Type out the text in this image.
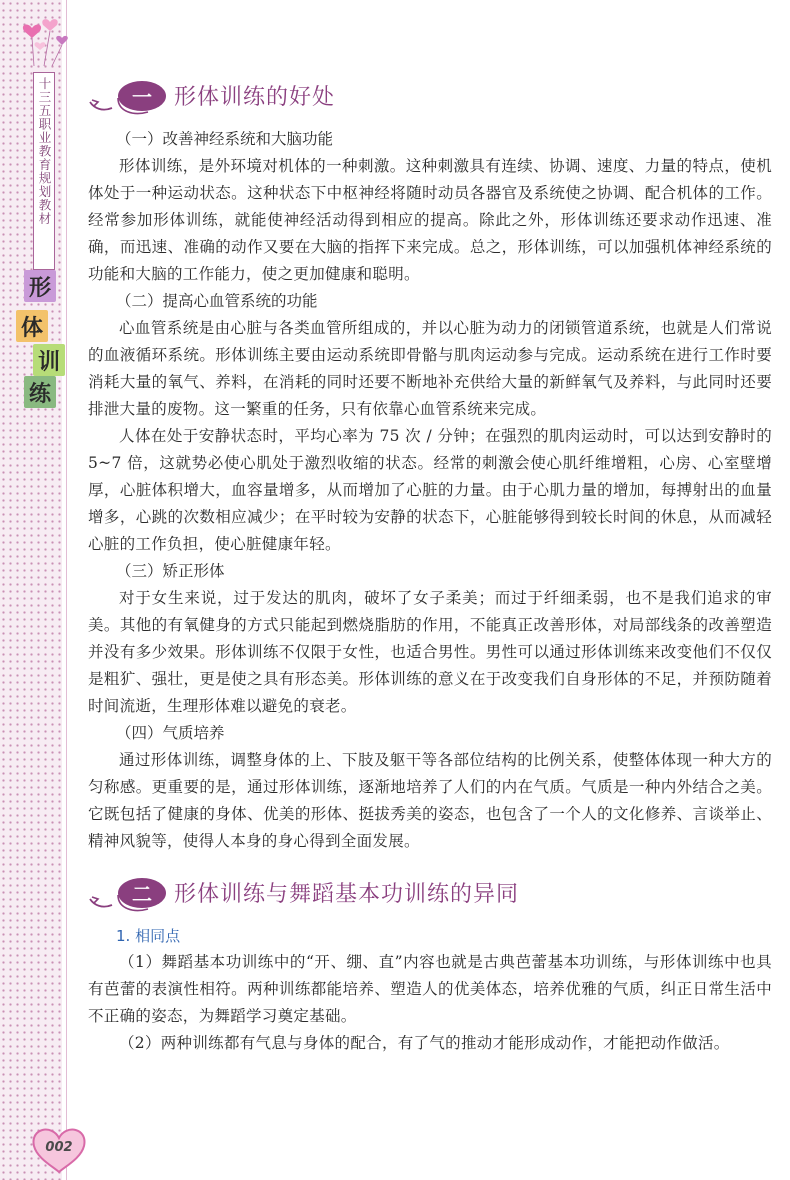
十三五职业教育规划教材
形
体
训
练
002
一	形体训练的好处

（一）改善神经系统和大脑功能

形体训练，是外环境对机体的一种刺激。这种刺激具有连续、协调、速度、力量的特点，使机体处于一种运动状态。这种状态下中枢神经将随时动员各器官及系统使之协调、配合机体的工作。经常参加形体训练，就能使神经活动得到相应的提高。除此之外，形体训练还要求动作迅速、准确，而迅速、准确的动作又要在大脑的指挥下来完成。总之，形体训练，可以加强机体神经系统的功能和大脑的工作能力，使之更加健康和聪明。

（二）提高心血管系统的功能

心血管系统是由心脏与各类血管所组成的，并以心脏为动力的闭锁管道系统，也就是人们常说的血液循环系统。形体训练主要由运动系统即骨骼与肌肉运动参与完成。运动系统在进行工作时要消耗大量的氧气、养料，在消耗的同时还要不断地补充供给大量的新鲜氧气及养料，与此同时还要排泄大量的废物。这一繁重的任务，只有依靠心血管系统来完成。

人体在处于安静状态时，平均心率为 75 次 / 分钟；在强烈的肌肉运动时，可以达到安静时的 5~7 倍，这就势必使心肌处于激烈收缩的状态。经常的刺激会使心肌纤维增粗，心房、心室壁增厚，心脏体积增大，血容量增多，从而增加了心脏的力量。由于心肌力量的增加，每搏射出的血量增多，心跳的次数相应减少；在平时较为安静的状态下，心脏能够得到较长时间的休息，从而减轻心脏的工作负担，使心脏健康年轻。

（三）矫正形体

对于女生来说，过于发达的肌肉，破坏了女子柔美；而过于纤细柔弱，也不是我们追求的审美。其他的有氧健身的方式只能起到燃烧脂肪的作用，不能真正改善形体，对局部线条的改善塑造并没有多少效果。形体训练不仅限于女性，也适合男性。男性可以通过形体训练来改变他们不仅仅是粗犷、强壮，更是使之具有形态美。形体训练的意义在于改变我们自身形体的不足，并预防随着时间流逝，生理形体难以避免的衰老。

（四）气质培养

通过形体训练，调整身体的上、下肢及躯干等各部位结构的比例关系，使整体体现一种大方的匀称感。更重要的是，通过形体训练，逐渐地培养了人们的内在气质。气质是一种内外结合之美。它既包括了健康的身体、优美的形体、挺拔秀美的姿态，也包含了一个人的文化修养、言谈举止、精神风貌等，使得人本身的身心得到全面发展。

二	形体训练与舞蹈基本功训练的异同

1. 相同点

（1）舞蹈基本功训练中的“开、绷、直”内容也就是古典芭蕾基本功训练，与形体训练中也具有芭蕾的表演性相符。两种训练都能培养、塑造人的优美体态，培养优雅的气质，纠正日常生活中不正确的姿态，为舞蹈学习奠定基础。

（2）两种训练都有气息与身体的配合，有了气的推动才能形成动作，才能把动作做活。
